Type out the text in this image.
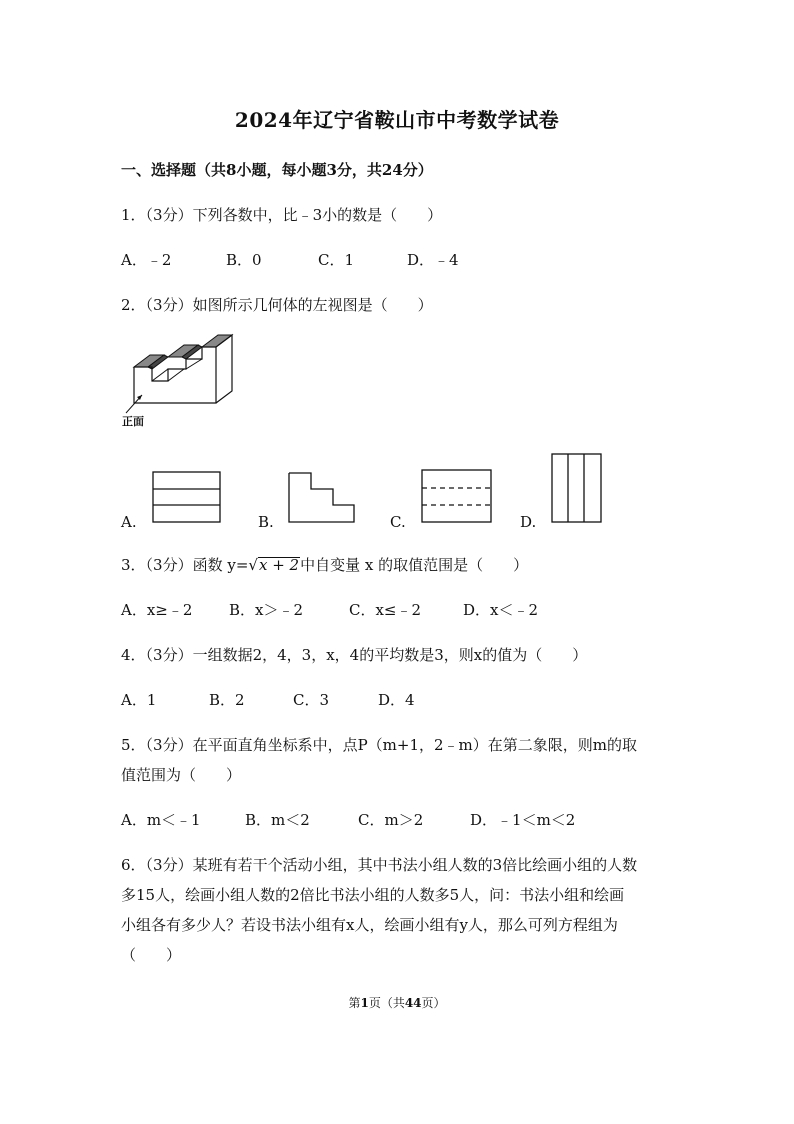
2024年辽宁省鞍山市中考数学试卷
一、选择题（共8小题，每小题3分，共24分）
1．（3分）下列各数中，比﹣3小的数是（　　）
A．﹣2	B．0	C．1	D．﹣4
2．（3分）如图所示几何体的左视图是（　　）
正面
A.	B.	C.	D.
3．（3分）函数 y=√x + 2中自变量 x 的取值范围是（　　）
A．x≥﹣2 B．x＞﹣2	C．x≤﹣2	D．x＜﹣2
4．（3分）一组数据2，4，3，x，4的平均数是3，则x的值为（　　）
A．1	B．2	C．3	D．4
5．（3分）在平面直角坐标系中，点P（m+1，2﹣m）在第二象限，则m的取
值范围为（　　）
A．m＜﹣1	B．m＜2	C．m＞2	D．﹣1＜m＜2
6．（3分）某班有若干个活动小组，其中书法小组人数的3倍比绘画小组的人数
多15人，绘画小组人数的2倍比书法小组的人数多5人，问：书法小组和绘画
小组各有多少人？若设书法小组有x人，绘画小组有y人，那么可列方程组为
（　　）
第1页（共44页）
